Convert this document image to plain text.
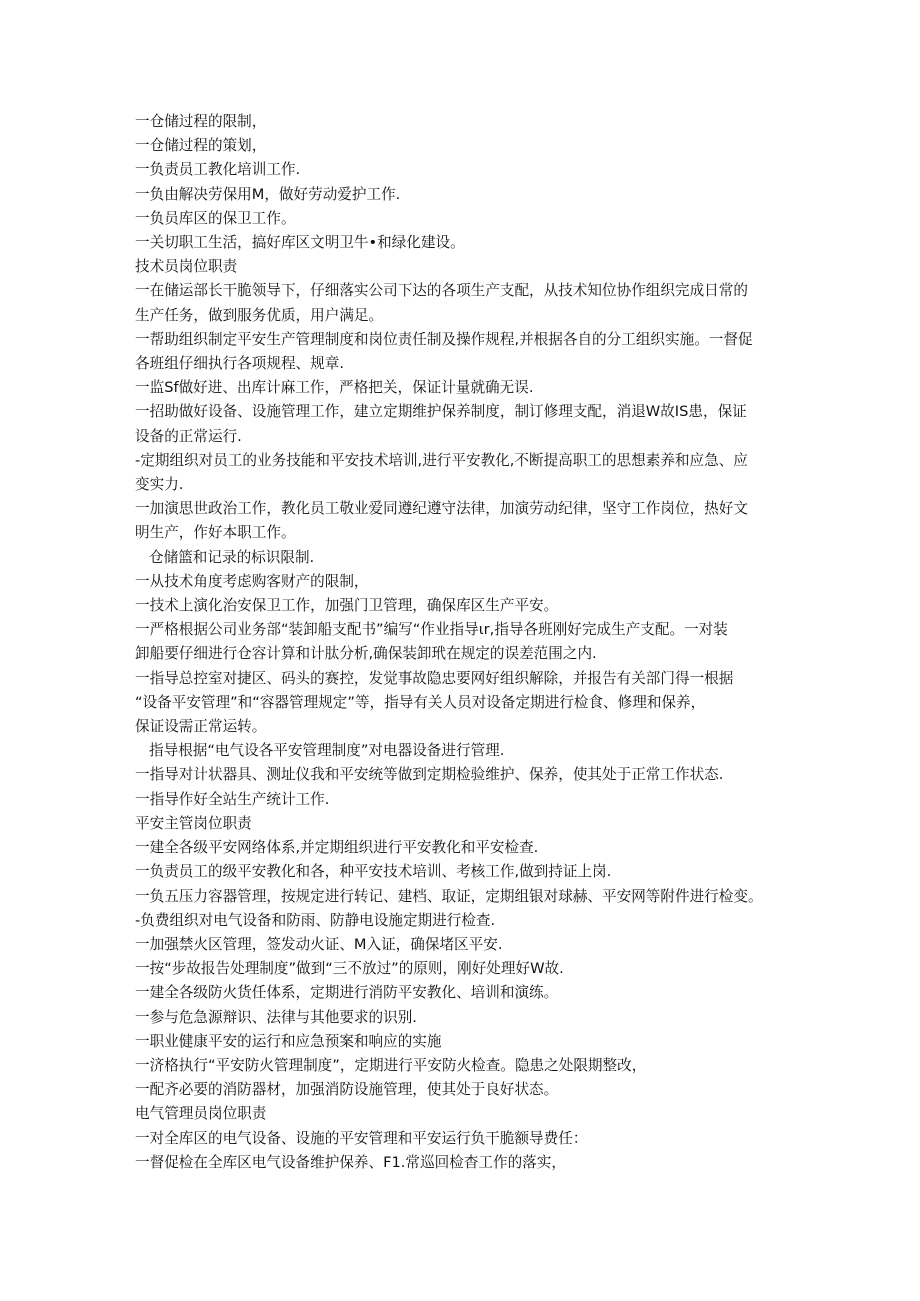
一仓储过程的限制，
一仓储过程的策划，
一负责员工教化培训工作.
一负由解决劳保用M，做好劳动爱护工作.
一负员库区的保卫工作。
一关切职工生活，搞好库区文明卫牛•和绿化建设。
技术员岗位职责
一在储运部长干脆领导下，仔细落实公司下达的各项生产支配，从技术知位协作组织完成日常的
生产任务，做到服务优质，用户满足。
一帮助组织制定平安生产管理制度和岗位责任制及操作规程,并根据各自的分工组织实施。一督促
各班组仔细执行各项规程、规章.
一监Sf做好进、出库计麻工作，严格把关，保证计量就确无误.
一招助做好设备、设施管理工作，建立定期维护保养制度，制订修理支配，消退W故IS患，保证
设备的正常运行.
-定期组织对员工的业务技能和平安技术培训,进行平安教化,不断提高职工的思想素养和应急、应
变实力.
一加演思世政治工作，教化员工敬业爱同遵纪遵守法律，加演劳动纪律，坚守工作岗位，热好文
明生产，作好本职工作。
仓储篮和记录的标识限制.
一从技术角度考虑购客财产的限制，
一技术上演化治安保卫工作，加强门卫管理，确保库区生产平安。
一严格根据公司业务部“装卸船支配书”编写“作业指导ιr,指导各班刚好完成生产支配。一对装
卸船要仔细进行仓容计算和计肽分析,确保装卸玳在规定的误差范围之内.
一指导总控室对捷区、码头的赛控，发觉事故隐忠要网好组织解除，并报告有关部门得一根据
“设备平安管理”和“容器管理规定”等，指导有关人员对设备定期进行检食、修理和保养，
保证设需正常运转。
指导根据“电气设各平安管理制度”对电器设备进行管理.
一指导对计状器具、测址仪我和平安统等做到定期检验维护、保养，使其处于正常工作状态.
一指导作好全站生产统计工作.
平安主管岗位职责
一建全各级平安网络体系,并定期组织进行平安教化和平安检查.
一负责员工的级平安教化和各，种平安技术培训、考核工作,做到持证上岗.
一负五压力容器管理，按规定进行转记、建档、取证，定期组银对球赫、平安网等附件进行检变。
-负费组织对电气设备和防雨、防静电设施定期进行检查.
一加强禁火区管理，签发动火证、M入证，确保堵区平安.
一按“步故报告处理制度”做到“三不放过”的原则，刚好处理好W故.
一建全各级防火货任体系，定期进行消防平安教化、培训和演练。
一参与危急源辩识、法律与其他要求的识别.
一职业健康平安的运行和应急预案和响应的实施
一济格执行“平安防火管理制度”，定期进行平安防火检查。隐患之处限期整改，
一配齐必要的消防器材，加强消防设施管理，使其处于良好状态。
电气管理员岗位职责
一对全库区的电气设备、设施的平安管理和平安运行负干脆额导费任：
一督促检在全库区电气设备维护保养、F1.常巡回检杳工作的落实，
